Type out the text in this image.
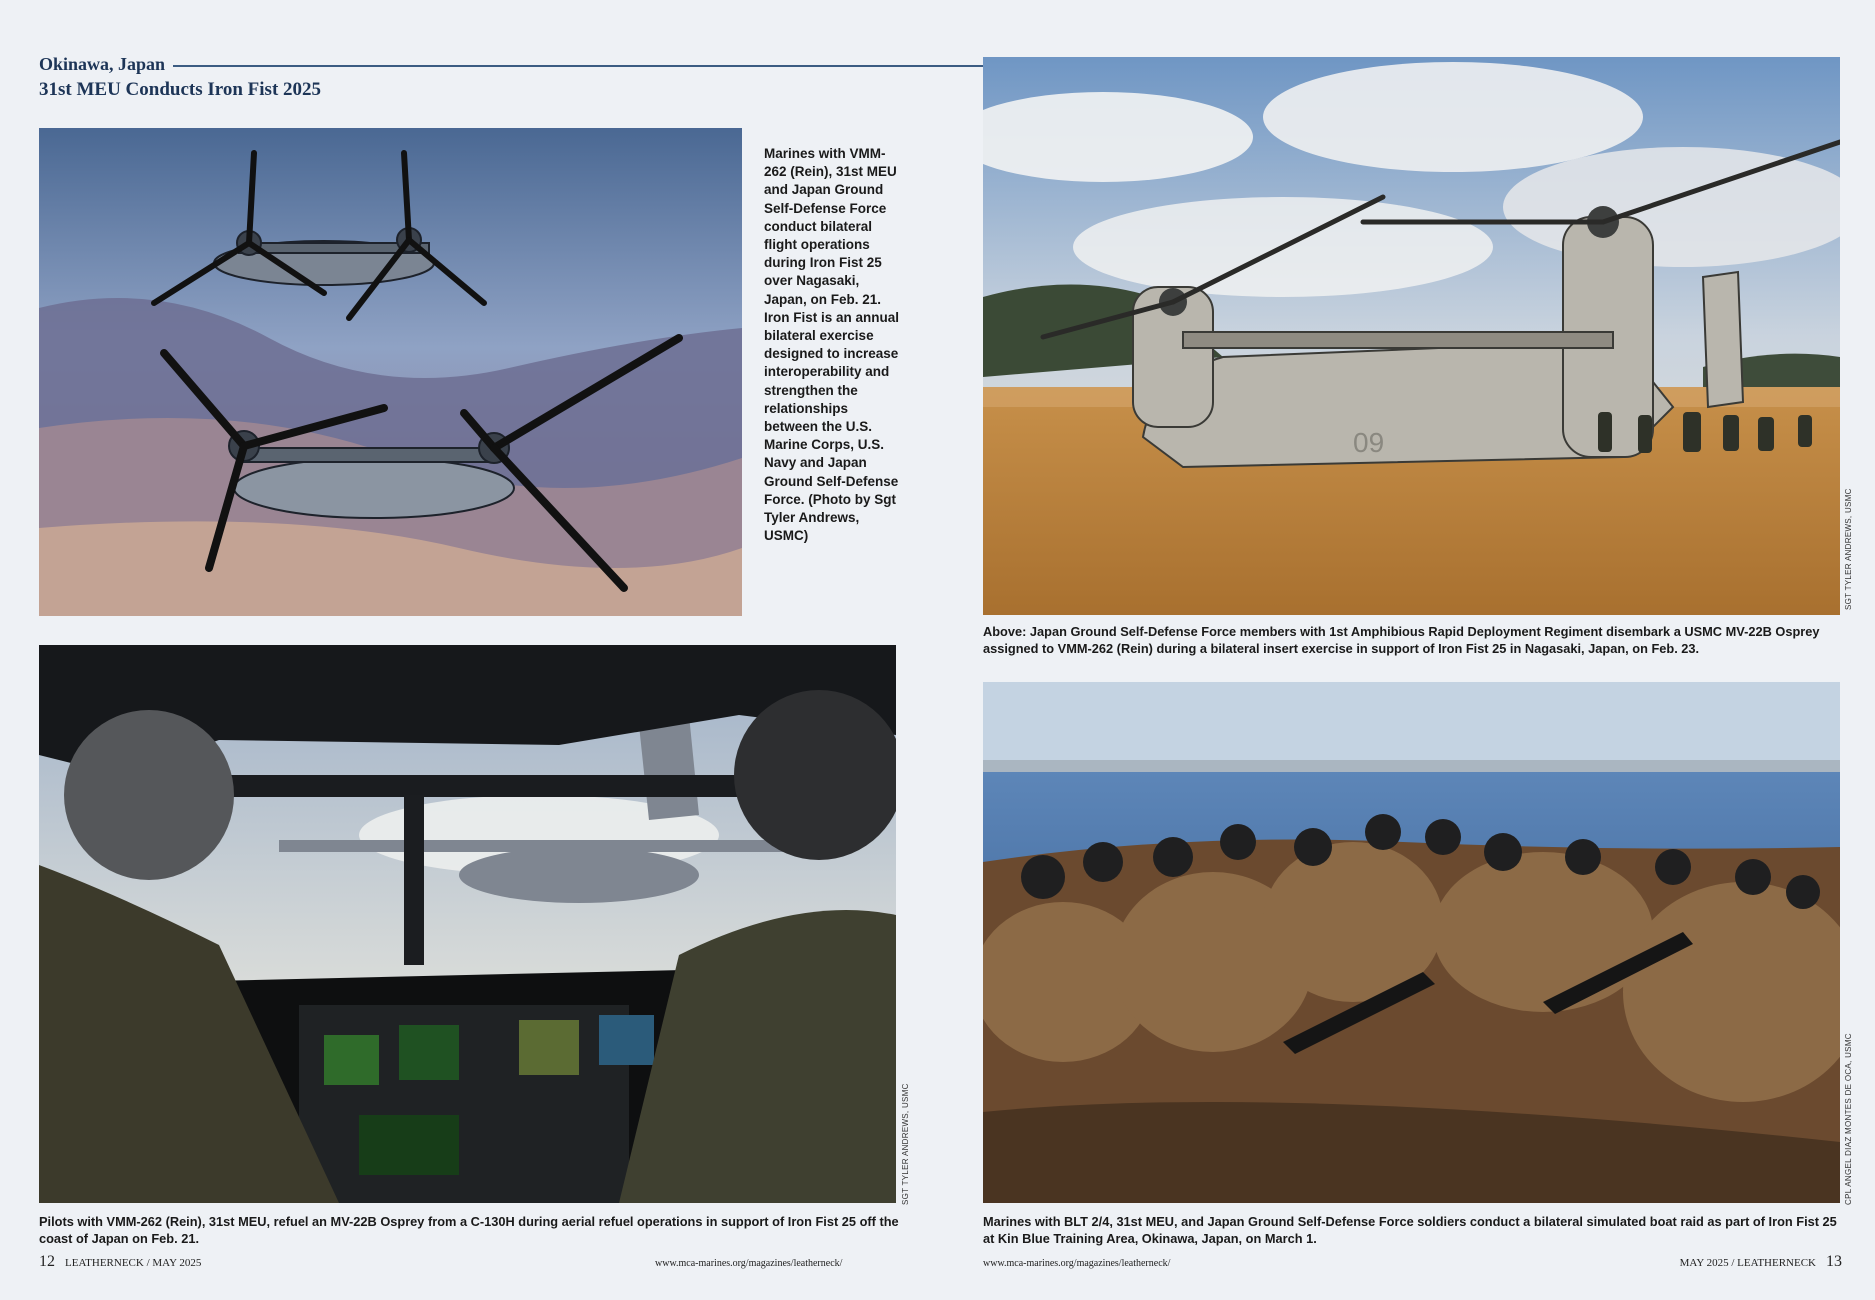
Okinawa, Japan
31st MEU Conducts Iron Fist 2025
Marines with VMM-262 (Rein), 31st MEU and Japan Ground Self-Defense Force conduct bilateral flight operations during Iron Fist 25 over Nagasaki, Japan, on Feb. 21. Iron Fist is an annual bilateral exercise designed to increase interoperability and strengthen the relationships between the U.S. Marine Corps, U.S. Navy and Japan Ground Self-Defense Force. (Photo by Sgt Tyler Andrews, USMC)
09
Above: Japan Ground Self-Defense Force members with 1st Amphibious Rapid Deployment Regiment disembark a USMC MV-22B Osprey assigned to VMM-262 (Rein) during a bilateral insert exercise in support of Iron Fist 25 in Nagasaki, Japan, on Feb. 23.
SGT TYLER ANDREWS, USMC
Pilots with VMM-262 (Rein), 31st MEU, refuel an MV-22B Osprey from a C-130H during aerial refuel operations in support of Iron Fist 25 off the coast of Japan on Feb. 21.
SGT TYLER ANDREWS, USMC
Marines with BLT 2/4, 31st MEU, and Japan Ground Self-Defense Force soldiers conduct a bilateral simulated boat raid as part of Iron Fist 25 at Kin Blue Training Area, Okinawa, Japan, on March 1.
CPL ANGEL DIAZ MONTES DE OCA, USMC
12 LEATHERNECK / MAY 2025	www.mca-marines.org/magazines/leatherneck/	www.mca-marines.org/magazines/leatherneck/	MAY 2025 / LEATHERNECK 13
